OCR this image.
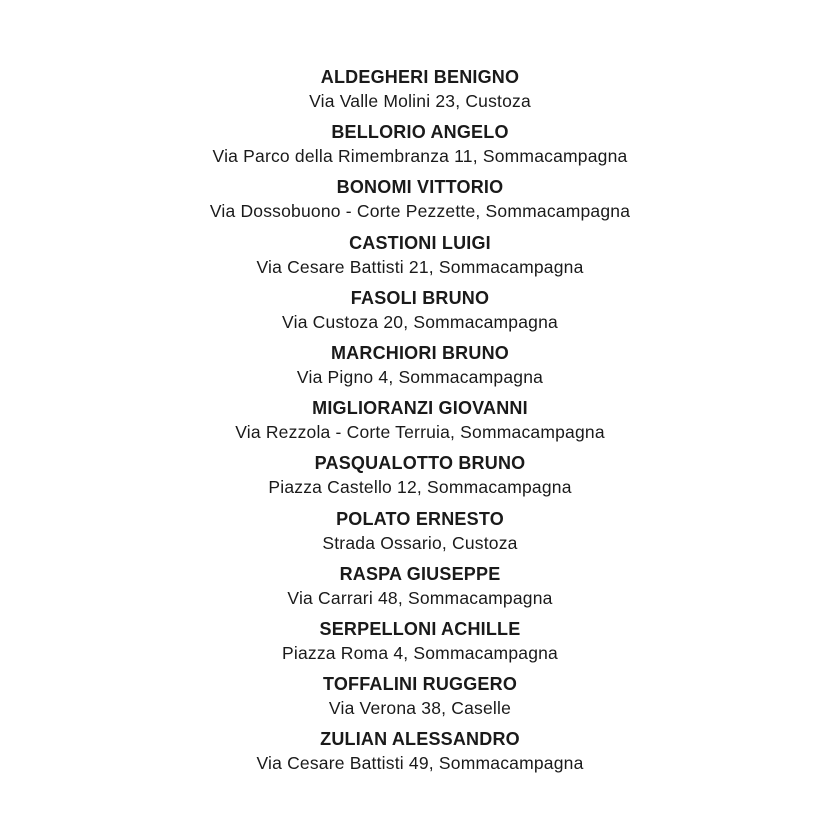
ALDEGHERI BENIGNO
Via Valle Molini 23, Custoza
BELLORIO ANGELO
Via Parco della Rimembranza 11, Sommacampagna
BONOMI VITTORIO
Via Dossobuono - Corte Pezzette, Sommacampagna
CASTIONI LUIGI
Via Cesare Battisti 21, Sommacampagna
FASOLI BRUNO
Via Custoza 20, Sommacampagna
MARCHIORI BRUNO
Via Pigno 4, Sommacampagna
MIGLIORANZI GIOVANNI
Via Rezzola - Corte Terruia, Sommacampagna
PASQUALOTTO BRUNO
Piazza Castello 12, Sommacampagna
POLATO ERNESTO
Strada Ossario, Custoza
RASPA GIUSEPPE
Via Carrari 48, Sommacampagna
SERPELLONI ACHILLE
Piazza Roma 4, Sommacampagna
TOFFALINI RUGGERO
Via Verona 38, Caselle
ZULIAN ALESSANDRO
Via Cesare Battisti 49, Sommacampagna
